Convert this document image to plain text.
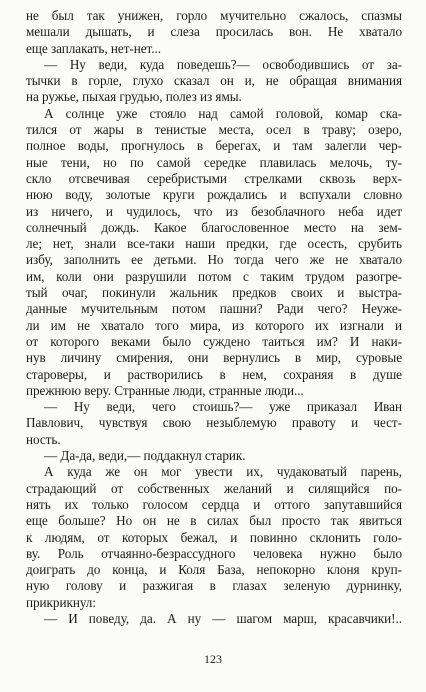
не был так унижен, горло мучительно сжалось, спазмы
мешали дышать, и слеза просилась вон. Не хватало
еще заплакать, нет-нет...
— Ну веди, куда поведешь?— освободившись от за-
тычки в горле, глухо сказал он и, не обращая внимания
на ружье, пыхая грудью, полез из ямы.
А солнце уже стояло над самой головой, комар ска-
тился от жары в тенистые места, осел в траву; озеро,
полное воды, прогнулось в берегах, и там залегли чер-
ные тени, но по самой середке плавилась мелочь, ту-
скло отсвечивая серебристыми стрелками сквозь верх-
нюю воду, золотые круги рождались и вспухали словно
из ничего, и чудилось, что из безоблачного неба идет
солнечный дождь. Какое благословенное место на зем-
ле; нет, знали все-таки наши предки, где осесть, срубить
избу, заполнить ее детьми. Но тогда чего же не хватало
им, коли они разрушили потом с таким трудом разогре-
тый очаг, покинули жальник предков своих и выстра-
данные мучительным потом пашни? Ради чего? Неуже-
ли им не хватало того мира, из которого их изгнали и
от которого веками было суждено таиться им? И наки-
нув личину смирения, они вернулись в мир, суровые
староверы, и растворились в нем, сохраняя в душе
прежнюю веру. Странные люди, странные люди...
— Ну веди, чего стоишь?— уже приказал Иван
Павлович, чувствуя свою незыблемую правоту и чест-
ность.
— Да-да, веди,— поддакнул старик.
А куда же он мог увести их, чудаковатый парень,
страдающий от собственных желаний и силящийся по-
нять их только голосом сердца и оттого запутавшийся
еще больше? Но он не в силах был просто так явиться
к людям, от которых бежал, и повинно склонить голо-
ву. Роль отчаянно-безрассудного человека нужно было
доиграть до конца, и Коля База, непокорно клоня круп-
ную голову и разжигая в глазах зеленую дурнинку,
прикрикнул:
— И поведу, да. А ну — шагом марш, красавчики!..
123
